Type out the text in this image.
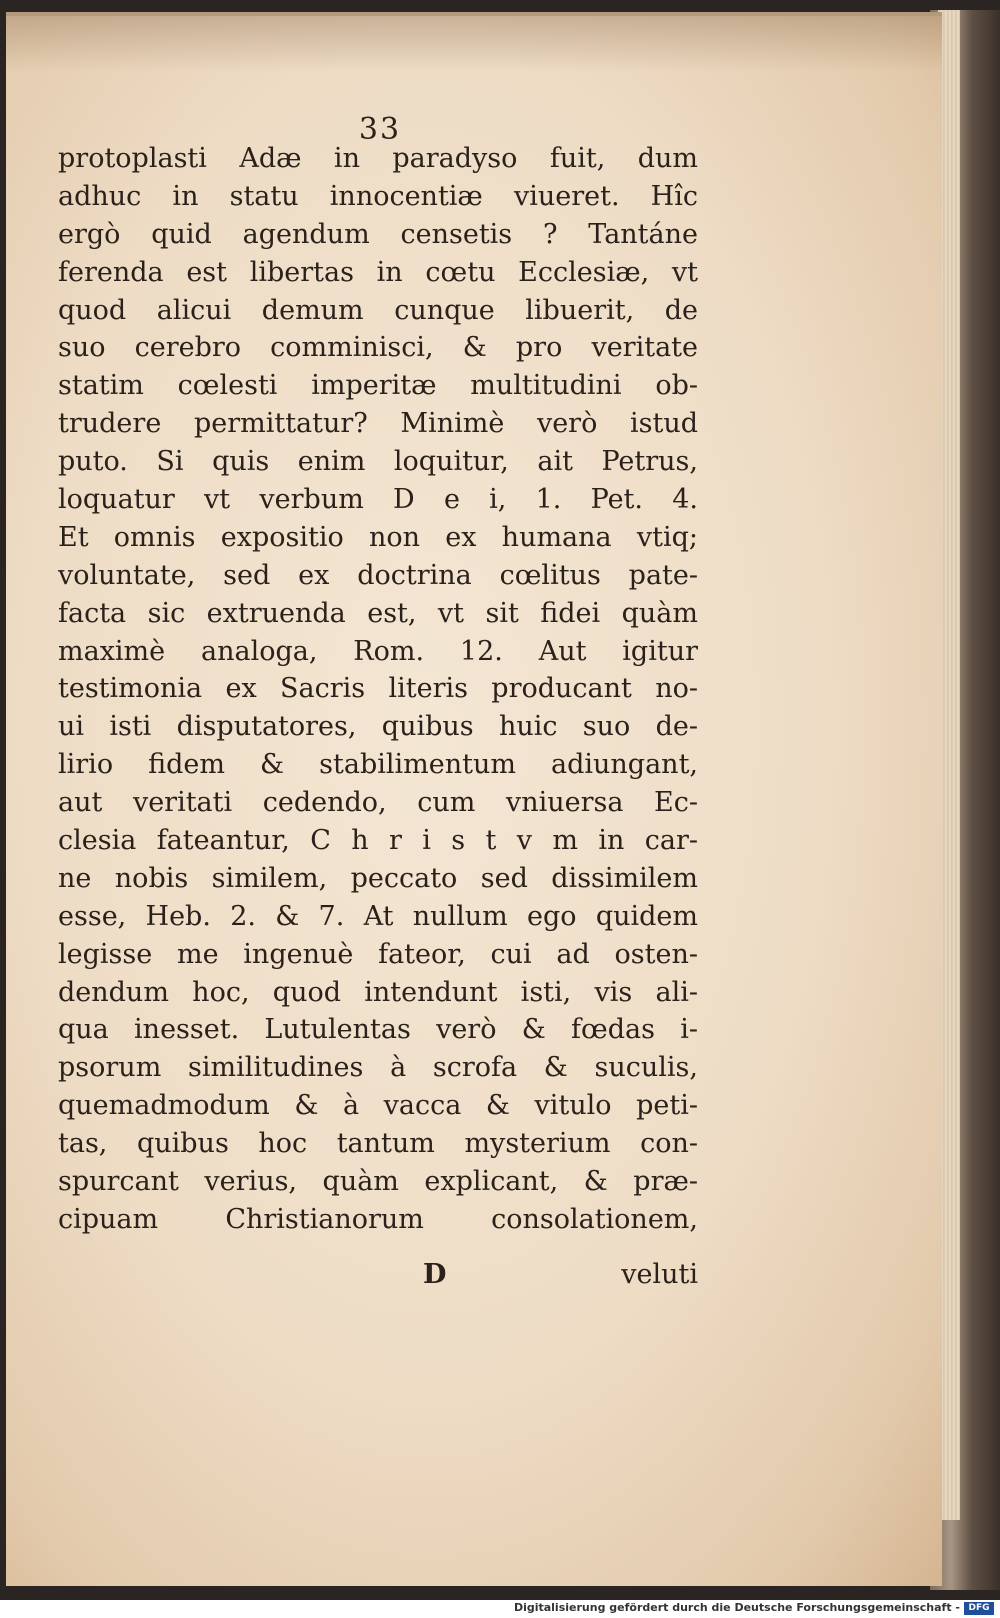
33
protoplasti Adæ in paradyso fuit, dum
adhuc in statu innocentiæ viueret. Hîc
ergò quid agendum censetis ? Tantáne
ferenda est libertas in cœtu Ecclesiæ, vt
quod alicui demum cunque libuerit, de
suo cerebro comminisci, & pro veritate
statim cœlesti imperitæ multitudini ob-
trudere permittatur? Minimè verò istud
puto. Si quis enim loquitur, ait Petrus,
loquatur vt verbum D e i, 1. Pet. 4.
Et omnis expositio non ex humana vtiq;
voluntate, sed ex doctrina cœlitus pate-
facta sic extruenda est, vt sit fidei quàm
maximè analoga, Rom. 12. Aut igitur
testimonia ex Sacris literis producant no-
ui isti disputatores, quibus huic suo de-
lirio fidem & stabilimentum adiungant,
aut veritati cedendo, cum vniuersa Ec-
clesia fateantur, C h r i s t v m in car-
ne nobis similem, peccato sed dissimilem
esse, Heb. 2. & 7. At nullum ego quidem
legisse me ingenuè fateor, cui ad osten-
dendum hoc, quod intendunt isti, vis ali-
qua inesset. Lutulentas verò & fœdas i-
psorum similitudines à scrofa & suculis,
quemadmodum & à vacca & vitulo peti-
tas, quibus hoc tantum mysterium con-
spurcant verius, quàm explicant, & præ-
cipuam Christianorum consolationem,
D	veluti
Digitalisierung gefördert durch die Deutsche Forschungsgemeinschaft - DFG
